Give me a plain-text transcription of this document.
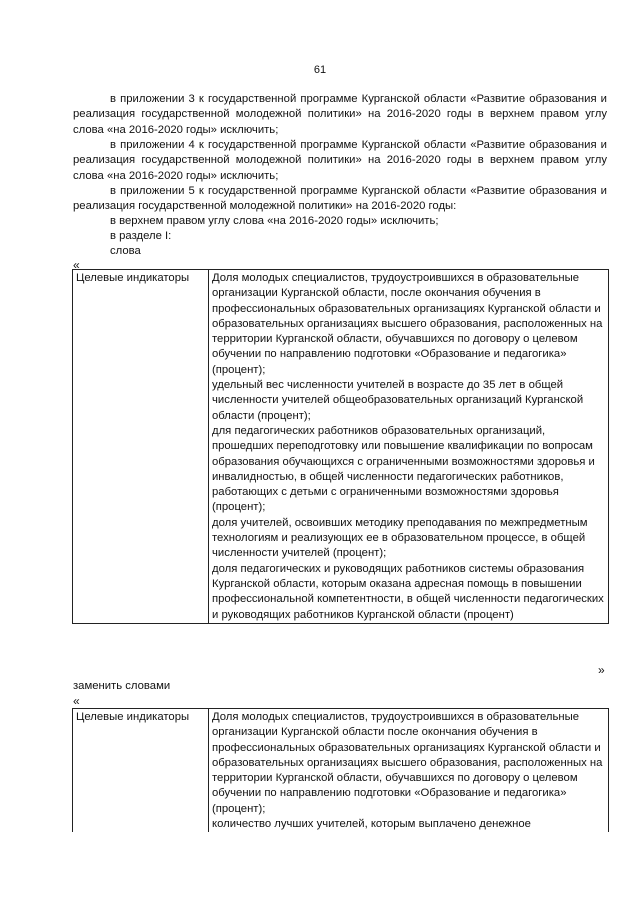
61
в приложении 3 к государственной программе Курганской области «Развитие образования и реализация государственной молодежной политики» на 2016-2020 годы в верхнем правом углу слова «на 2016-2020 годы» исключить;
в приложении 4 к государственной программе Курганской области «Развитие образования и реализация государственной молодежной политики» на 2016-2020 годы в верхнем правом углу слова «на 2016-2020 годы» исключить;
в приложении 5 к государственной программе Курганской области «Развитие образования и реализация государственной молодежной политики» на 2016-2020 годы:
в верхнем правом углу слова «на 2016-2020 годы» исключить;
в разделе I:
слова
«
Целевые индикаторы	Доля молодых специалистов, трудоустроившихся в образовательные организации Курганской области, после окончания обучения в профессиональных образовательных организациях Курганской области и образовательных организациях высшего образования, расположенных на территории Курганской области, обучавшихся по договору о целевом обучении по направлению подготовки «Образование и педагогика» (процент);
удельный вес численности учителей в возрасте до 35 лет в общей численности учителей общеобразовательных организаций Курганской области (процент);
для педагогических работников образовательных организаций, прошедших переподготовку или повышение квалификации по вопросам образования обучающихся с ограниченными возможностями здоровья и инвалидностью, в общей численности педагогических работников, работающих с детьми с ограниченными возможностями здоровья (процент);
доля учителей, освоивших методику преподавания по межпредметным технологиям и реализующих ее в образовательном процессе, в общей численности учителей (процент);
доля педагогических и руководящих работников системы образования Курганской области, которым оказана адресная помощь в повышении профессиональной компетентности, в общей численности педагогических и руководящих работников Курганской области (процент)
»
заменить словами
«
Целевые индикаторы	Доля молодых специалистов, трудоустроившихся в образовательные организации Курганской области после окончания обучения в профессиональных образовательных организациях Курганской области и образовательных организациях высшего образования, расположенных на территории Курганской области, обучавшихся по договору о целевом обучении по направлению подготовки «Образование и педагогика» (процент);
количество лучших учителей, которым выплачено денежное
